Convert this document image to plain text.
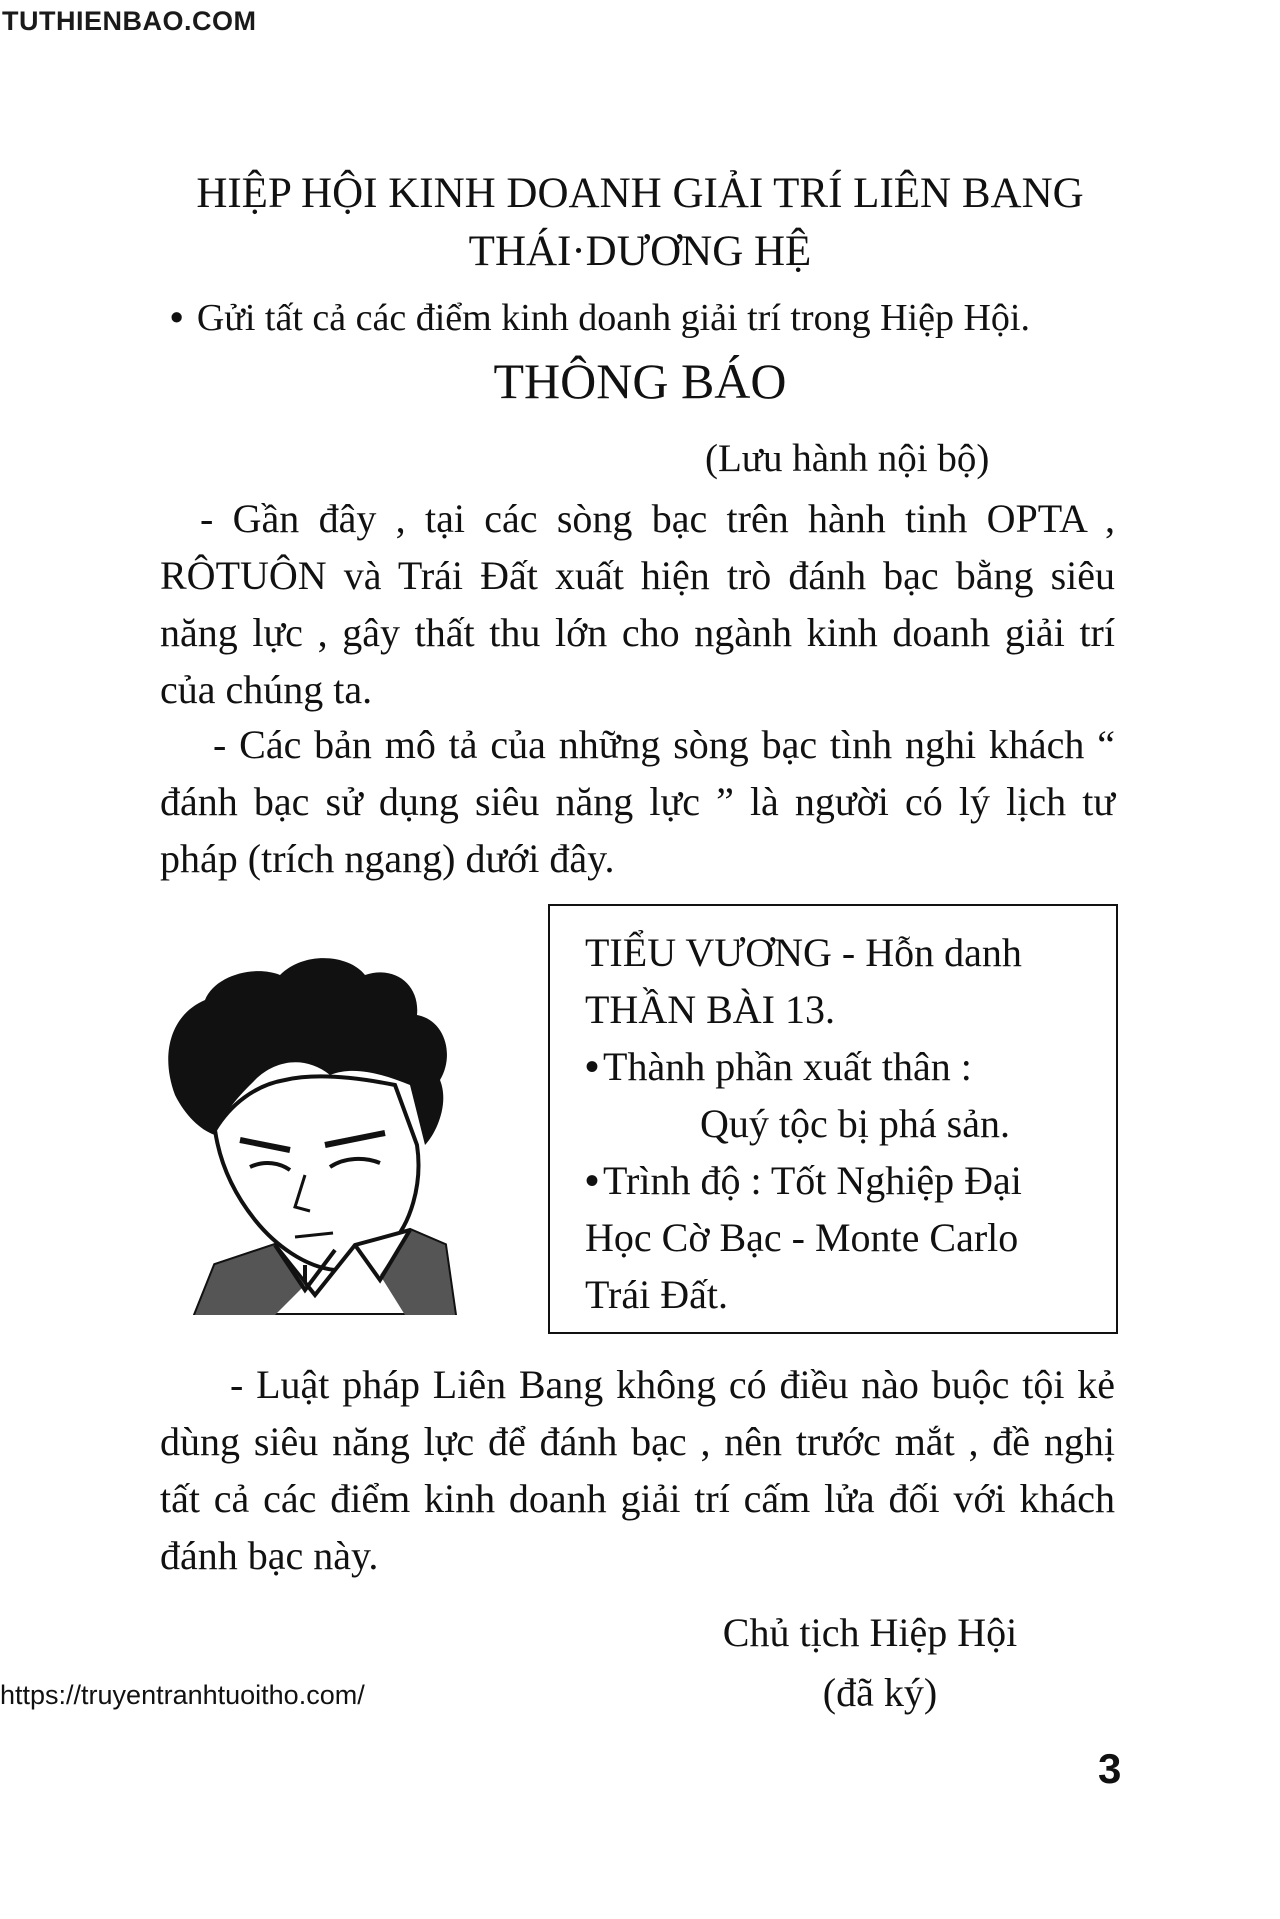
TUTHIENBAO.COM
HIỆP HỘI KINH DOANH GIẢI TRÍ LIÊN BANG
THÁI·DƯƠNG HỆ
• Gửi tất cả các điểm kinh doanh giải trí trong Hiệp Hội.
THÔNG BÁO
(Lưu hành nội bộ)
- Gần đây , tại các sòng bạc trên hành tinh OPTA , RÔTUÔN và Trái Đất xuất hiện trò đánh bạc bằng siêu năng lực , gây thất thu lớn cho ngành kinh doanh giải trí của chúng ta.
- Các bản mô tả của những sòng bạc tình nghi khách “ đánh bạc sử dụng siêu năng lực ” là người có lý lịch tư pháp (trích ngang) dưới đây.
TIỂU VƯƠNG - Hỗn danh
THẦN BÀI 13.
• Thành phần xuất thân :
Quý tộc bị phá sản.
• Trình độ : Tốt Nghiệp Đại
Học Cờ Bạc - Monte Carlo
Trái Đất.
- Luật pháp Liên Bang không có điều nào buộc tội kẻ dùng siêu năng lực để đánh bạc , nên trước mắt , đề nghị tất cả các điểm kinh doanh giải trí cấm lửa đối với khách đánh bạc này.
Chủ tịch Hiệp Hội
(đã ký)
https://truyentranhtuoitho.com/
3
